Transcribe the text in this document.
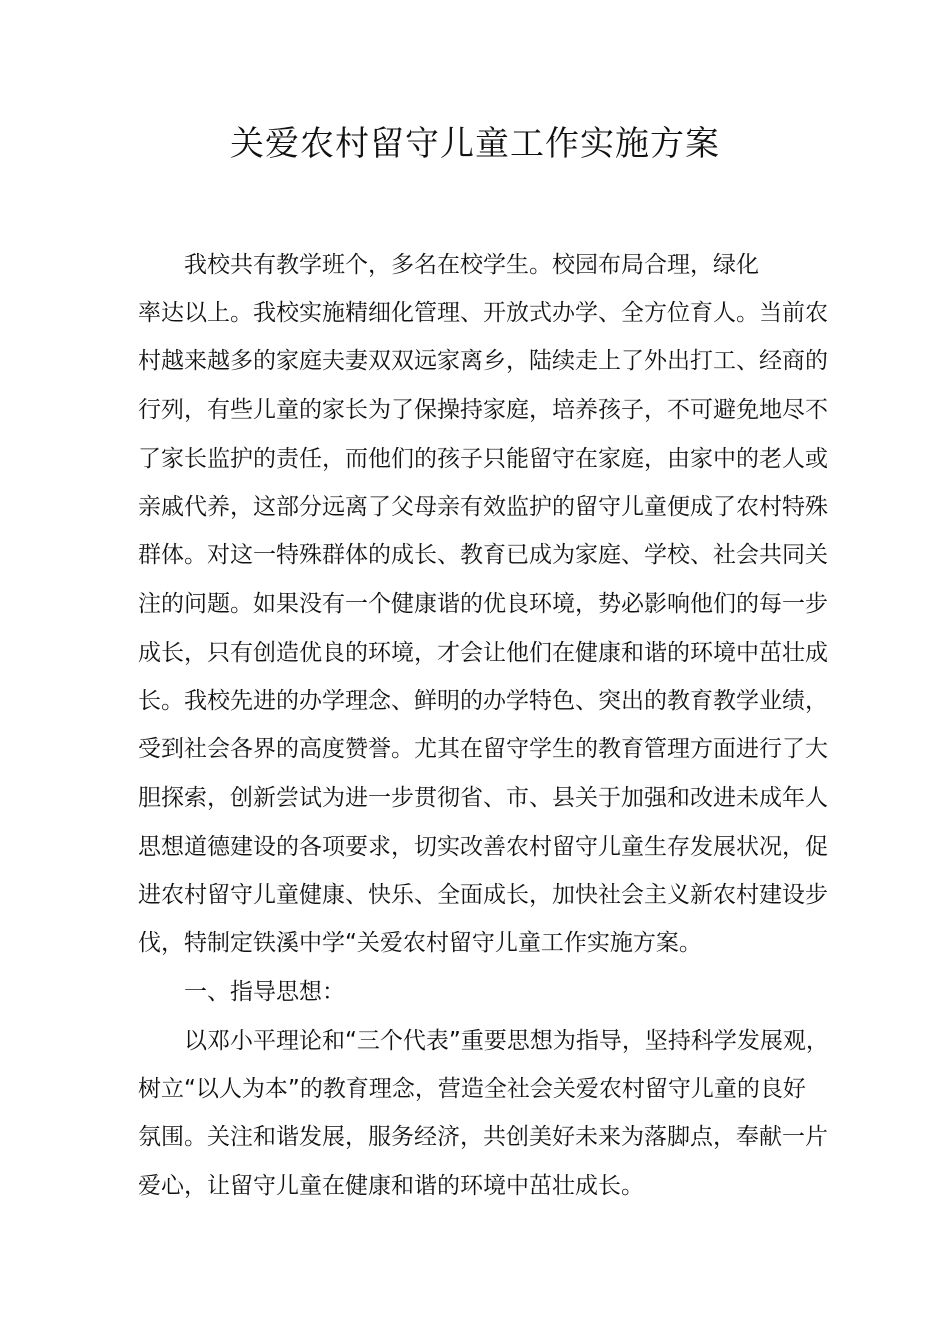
关爱农村留守儿童工作实施方案

我校共有教学班个，多名在校学生。校园布局合理，绿化

率达以上。我校实施精细化管理、开放式办学、全方位育人。当前农

村越来越多的家庭夫妻双双远家离乡，陆续走上了外出打工、经商的

行列，有些儿童的家长为了保操持家庭，培养孩子，不可避免地尽不

了家长监护的责任，而他们的孩子只能留守在家庭，由家中的老人或

亲戚代养，这部分远离了父母亲有效监护的留守儿童便成了农村特殊

群体。对这一特殊群体的成长、教育已成为家庭、学校、社会共同关

注的问题。如果没有一个健康谐的优良环境，势必影响他们的每一步

成长，只有创造优良的环境，才会让他们在健康和谐的环境中茁壮成

长。我校先进的办学理念、鲜明的办学特色、突出的教育教学业绩，

受到社会各界的高度赞誉。尤其在留守学生的教育管理方面进行了大

胆探索，创新尝试为进一步贯彻省、市、县关于加强和改进未成年人

思想道德建设的各项要求，切实改善农村留守儿童生存发展状况，促

进农村留守儿童健康、快乐、全面成长，加快社会主义新农村建设步

伐，特制定铁溪中学“关爱农村留守儿童工作实施方案。

一、指导思想：

以邓小平理论和“三个代表”重要思想为指导，坚持科学发展观，

树立“以人为本”的教育理念，营造全社会关爱农村留守儿童的良好

氛围。关注和谐发展，服务经济，共创美好未来为落脚点，奉献一片

爱心，让留守儿童在健康和谐的环境中茁壮成长。
